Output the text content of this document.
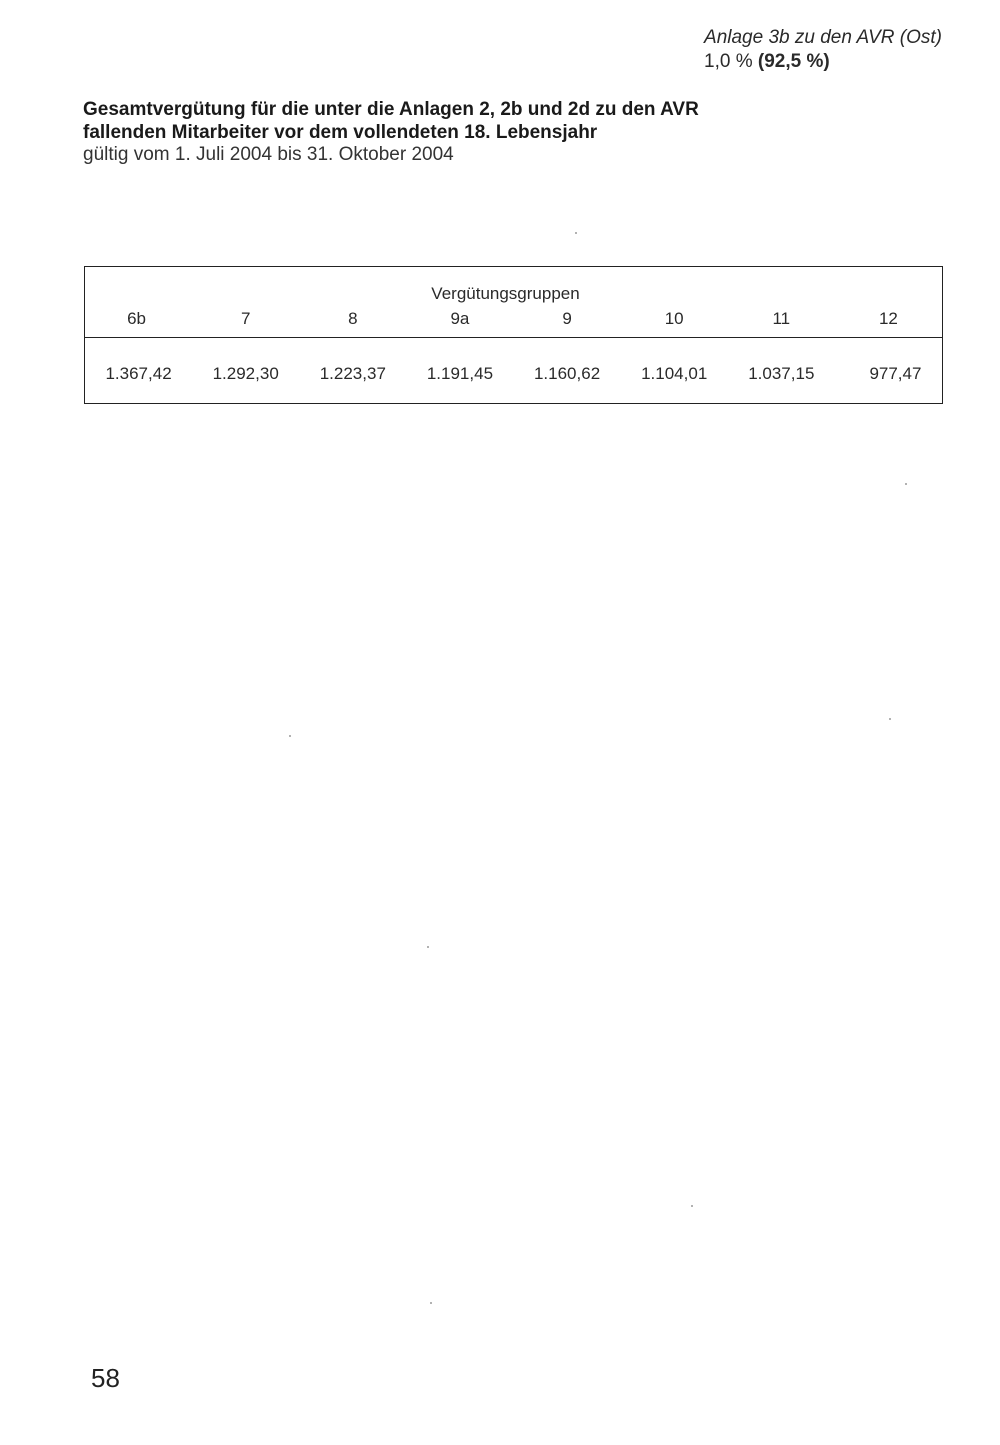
Anlage 3b zu den AVR (Ost)
1,0 % (92,5 %)
Gesamtvergütung für die unter die Anlagen 2, 2b und 2d zu den AVR
fallenden Mitarbeiter vor dem vollendeten 18. Lebensjahr
gültig vom 1. Juli 2004 bis 31. Oktober 2004
Vergütungsgruppen
6b	7	8	9a	9	10	11	12
1.367,42	1.292,30	1.223,37	1.191,45	1.160,62	1.104,01	1.037,15	977,47
58
